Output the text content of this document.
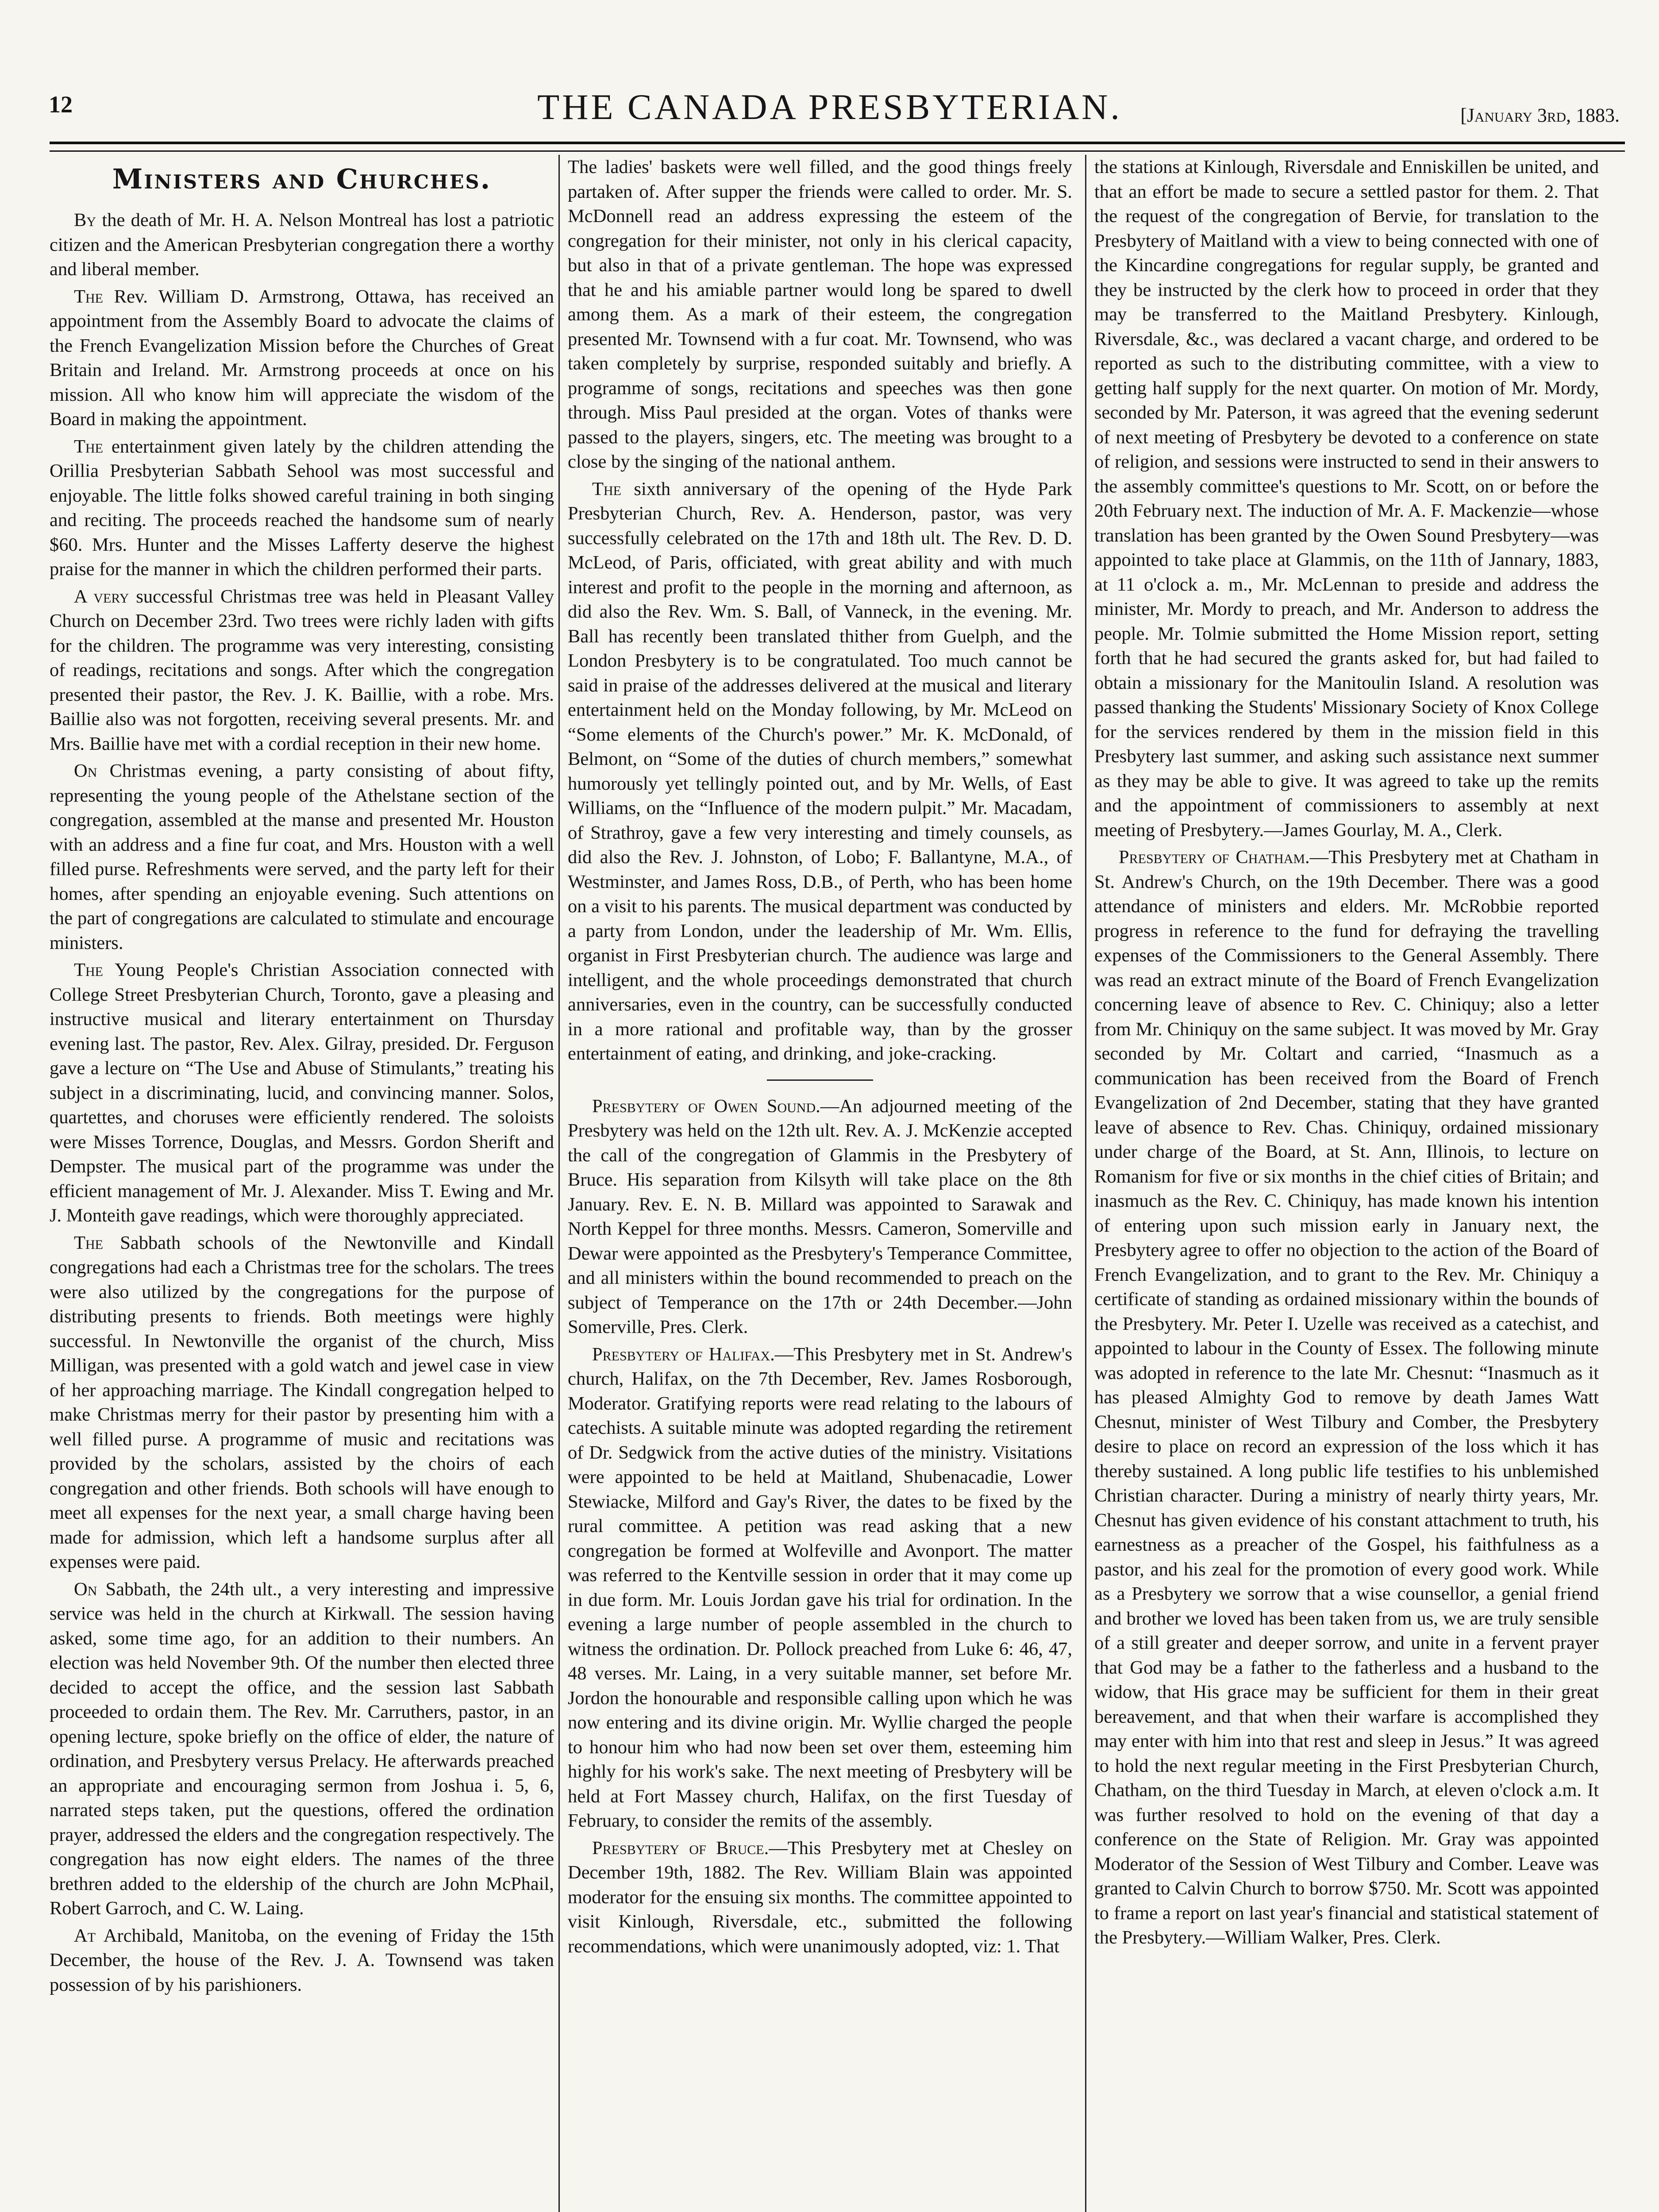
12	THE CANADA PRESBYTERIAN.	[January 3rd, 1883.
Ministers and Churches.

By the death of Mr. H. A. Nelson Montreal has lost a patriotic citizen and the American Presbyterian congregation there a worthy and liberal member.

The Rev. William D. Armstrong, Ottawa, has received an appointment from the Assembly Board to advocate the claims of the French Evangelization Mission before the Churches of Great Britain and Ireland. Mr. Armstrong proceeds at once on his mission. All who know him will appreciate the wisdom of the Board in making the appointment.

The entertainment given lately by the children attending the Orillia Presbyterian Sabbath Sehool was most successful and enjoyable. The little folks showed careful training in both singing and reciting. The proceeds reached the handsome sum of nearly $60. Mrs. Hunter and the Misses Lafferty deserve the highest praise for the manner in which the children performed their parts.

A very successful Christmas tree was held in Pleasant Valley Church on December 23rd. Two trees were richly laden with gifts for the children. The programme was very interesting, consisting of readings, recitations and songs. After which the congregation presented their pastor, the Rev. J. K. Baillie, with a robe. Mrs. Baillie also was not forgotten, receiving several presents. Mr. and Mrs. Baillie have met with a cordial reception in their new home.

On Christmas evening, a party consisting of about fifty, representing the young people of the Athelstane section of the congregation, assembled at the manse and presented Mr. Houston with an address and a fine fur coat, and Mrs. Houston with a well filled purse. Refreshments were served, and the party left for their homes, after spending an enjoyable evening. Such attentions on the part of congregations are calculated to stimulate and encourage ministers.

The Young People's Christian Association connected with College Street Presbyterian Church, Toronto, gave a pleasing and instructive musical and literary entertainment on Thursday evening last. The pastor, Rev. Alex. Gilray, presided. Dr. Ferguson gave a lecture on “The Use and Abuse of Stimulants,” treating his subject in a discriminating, lucid, and convincing manner. Solos, quartettes, and choruses were efficiently rendered. The soloists were Misses Torrence, Douglas, and Messrs. Gordon Sherift and Dempster. The musical part of the programme was under the efficient management of Mr. J. Alexander. Miss T. Ewing and Mr. J. Monteith gave readings, which were thoroughly appreciated.

The Sabbath schools of the Newtonville and Kindall congregations had each a Christmas tree for the scholars. The trees were also utilized by the congregations for the purpose of distributing presents to friends. Both meetings were highly successful. In Newtonville the organist of the church, Miss Milligan, was presented with a gold watch and jewel case in view of her approaching marriage. The Kindall congregation helped to make Christmas merry for their pastor by presenting him with a well filled purse. A programme of music and recitations was provided by the scholars, assisted by the choirs of each congregation and other friends. Both schools will have enough to meet all expenses for the next year, a small charge having been made for admission, which left a handsome surplus after all expenses were paid.

On Sabbath, the 24th ult., a very interesting and impressive service was held in the church at Kirkwall. The session having asked, some time ago, for an addition to their numbers. An election was held November 9th. Of the number then elected three decided to accept the office, and the session last Sabbath proceeded to ordain them. The Rev. Mr. Carruthers, pastor, in an opening lecture, spoke briefly on the office of elder, the nature of ordination, and Presbytery versus Prelacy. He afterwards preached an appropriate and encouraging sermon from Joshua i. 5, 6, narrated steps taken, put the questions, offered the ordination prayer, addressed the elders and the congregation respectively. The congregation has now eight elders. The names of the three brethren added to the eldership of the church are John McPhail, Robert Garroch, and C. W. Laing.

At Archibald, Manitoba, on the evening of Friday the 15th December, the house of the Rev. J. A. Townsend was taken possession of by his parishioners.

The ladies' baskets were well filled, and the good things freely partaken of. After supper the friends were called to order. Mr. S. McDonnell read an address expressing the esteem of the congregation for their minister, not only in his clerical capacity, but also in that of a private gentleman. The hope was expressed that he and his amiable partner would long be spared to dwell among them. As a mark of their esteem, the congregation presented Mr. Townsend with a fur coat. Mr. Townsend, who was taken completely by surprise, responded suitably and briefly. A programme of songs, recitations and speeches was then gone through. Miss Paul presided at the organ. Votes of thanks were passed to the players, singers, etc. The meeting was brought to a close by the singing of the national anthem.

The sixth anniversary of the opening of the Hyde Park Presbyterian Church, Rev. A. Henderson, pastor, was very successfully celebrated on the 17th and 18th ult. The Rev. D. D. McLeod, of Paris, officiated, with great ability and with much interest and profit to the people in the morning and afternoon, as did also the Rev. Wm. S. Ball, of Vanneck, in the evening. Mr. Ball has recently been translated thither from Guelph, and the London Presbytery is to be congratulated. Too much cannot be said in praise of the addresses delivered at the musical and literary entertainment held on the Monday following, by Mr. McLeod on “Some elements of the Church's power.” Mr. K. McDonald, of Belmont, on “Some of the duties of church members,” somewhat humorously yet tellingly pointed out, and by Mr. Wells, of East Williams, on the “Influence of the modern pulpit.” Mr. Macadam, of Strathroy, gave a few very interesting and timely counsels, as did also the Rev. J. Johnston, of Lobo; F. Ballantyne, M.A., of Westminster, and James Ross, D.B., of Perth, who has been home on a visit to his parents. The musical department was conducted by a party from London, under the leadership of Mr. Wm. Ellis, organist in First Presbyterian church. The audience was large and intelligent, and the whole proceedings demonstrated that church anniversaries, even in the country, can be successfully conducted in a more rational and profitable way, than by the grosser entertainment of eating, and drinking, and joke-cracking.

Presbytery of Owen Sound.—An adjourned meeting of the Presbytery was held on the 12th ult. Rev. A. J. McKenzie accepted the call of the congregation of Glammis in the Presbytery of Bruce. His separation from Kilsyth will take place on the 8th January. Rev. E. N. B. Millard was appointed to Sarawak and North Keppel for three months. Messrs. Cameron, Somerville and Dewar were appointed as the Presbytery's Temperance Committee, and all ministers within the bound recommended to preach on the subject of Temperance on the 17th or 24th December.—John Somerville, Pres. Clerk.

Presbytery of Halifax.—This Presbytery met in St. Andrew's church, Halifax, on the 7th December, Rev. James Rosborough, Moderator. Gratifying reports were read relating to the labours of catechists. A suitable minute was adopted regarding the retirement of Dr. Sedgwick from the active duties of the ministry. Visitations were appointed to be held at Maitland, Shubenacadie, Lower Stewiacke, Milford and Gay's River, the dates to be fixed by the rural committee. A petition was read asking that a new congregation be formed at Wolfeville and Avonport. The matter was referred to the Kentville session in order that it may come up in due form. Mr. Louis Jordan gave his trial for ordination. In the evening a large number of people assembled in the church to witness the ordination. Dr. Pollock preached from Luke 6: 46, 47, 48 verses. Mr. Laing, in a very suitable manner, set before Mr. Jordon the honourable and responsible calling upon which he was now entering and its divine origin. Mr. Wyllie charged the people to honour him who had now been set over them, esteeming him highly for his work's sake. The next meeting of Presbytery will be held at Fort Massey church, Halifax, on the first Tuesday of February, to consider the remits of the assembly.

Presbytery of Bruce.—This Presbytery met at Chesley on December 19th, 1882. The Rev. William Blain was appointed moderator for the ensuing six months. The committee appointed to visit Kinlough, Riversdale, etc., submitted the following recommendations, which were unanimously adopted, viz: 1. That

the stations at Kinlough, Riversdale and Enniskillen be united, and that an effort be made to secure a settled pastor for them. 2. That the request of the congregation of Bervie, for translation to the Presbytery of Maitland with a view to being connected with one of the Kincardine congregations for regular supply, be granted and they be instructed by the clerk how to proceed in order that they may be transferred to the Maitland Presbytery. Kinlough, Riversdale, &c., was declared a vacant charge, and ordered to be reported as such to the distributing committee, with a view to getting half supply for the next quarter. On motion of Mr. Mordy, seconded by Mr. Paterson, it was agreed that the evening sederunt of next meeting of Presbytery be devoted to a conference on state of religion, and sessions were instructed to send in their answers to the assembly committee's questions to Mr. Scott, on or before the 20th February next. The induction of Mr. A. F. Mackenzie—whose translation has been granted by the Owen Sound Presbytery—was appointed to take place at Glammis, on the 11th of Jannary, 1883, at 11 o'clock a. m., Mr. McLennan to preside and address the minister, Mr. Mordy to preach, and Mr. Anderson to address the people. Mr. Tolmie submitted the Home Mission report, setting forth that he had secured the grants asked for, but had failed to obtain a missionary for the Manitoulin Island. A resolution was passed thanking the Students' Missionary Society of Knox College for the services rendered by them in the mission field in this Presbytery last summer, and asking such assistance next summer as they may be able to give. It was agreed to take up the remits and the appointment of commissioners to assembly at next meeting of Presbytery.—James Gourlay, M. A., Clerk.

Presbytery of Chatham.—This Presbytery met at Chatham in St. Andrew's Church, on the 19th December. There was a good attendance of ministers and elders. Mr. McRobbie reported progress in reference to the fund for defraying the travelling expenses of the Commissioners to the General Assembly. There was read an extract minute of the Board of French Evangelization concerning leave of absence to Rev. C. Chiniquy; also a letter from Mr. Chiniquy on the same subject. It was moved by Mr. Gray seconded by Mr. Coltart and carried, “Inasmuch as a communication has been received from the Board of French Evangelization of 2nd December, stating that they have granted leave of absence to Rev. Chas. Chiniquy, ordained missionary under charge of the Board, at St. Ann, Illinois, to lecture on Romanism for five or six months in the chief cities of Britain; and inasmuch as the Rev. C. Chiniquy, has made known his intention of entering upon such mission early in January next, the Presbytery agree to offer no objection to the action of the Board of French Evangelization, and to grant to the Rev. Mr. Chiniquy a certificate of standing as ordained missionary within the bounds of the Presbytery. Mr. Peter I. Uzelle was received as a catechist, and appointed to labour in the County of Essex. The following minute was adopted in reference to the late Mr. Chesnut: “Inasmuch as it has pleased Almighty God to remove by death James Watt Chesnut, minister of West Tilbury and Comber, the Presbytery desire to place on record an expression of the loss which it has thereby sustained. A long public life testifies to his unblemished Christian character. During a ministry of nearly thirty years, Mr. Chesnut has given evidence of his constant attachment to truth, his earnestness as a preacher of the Gospel, his faithfulness as a pastor, and his zeal for the promotion of every good work. While as a Presbytery we sorrow that a wise counsellor, a genial friend and brother we loved has been taken from us, we are truly sensible of a still greater and deeper sorrow, and unite in a fervent prayer that God may be a father to the fatherless and a husband to the widow, that His grace may be sufficient for them in their great bereavement, and that when their warfare is accomplished they may enter with him into that rest and sleep in Jesus.” It was agreed to hold the next regular meeting in the First Presbyterian Church, Chatham, on the third Tuesday in March, at eleven o'clock a.m. It was further resolved to hold on the evening of that day a conference on the State of Religion. Mr. Gray was appointed Moderator of the Session of West Tilbury and Comber. Leave was granted to Calvin Church to borrow $750. Mr. Scott was appointed to frame a report on last year's financial and statistical statement of the Presbytery.—William Walker, Pres. Clerk.
